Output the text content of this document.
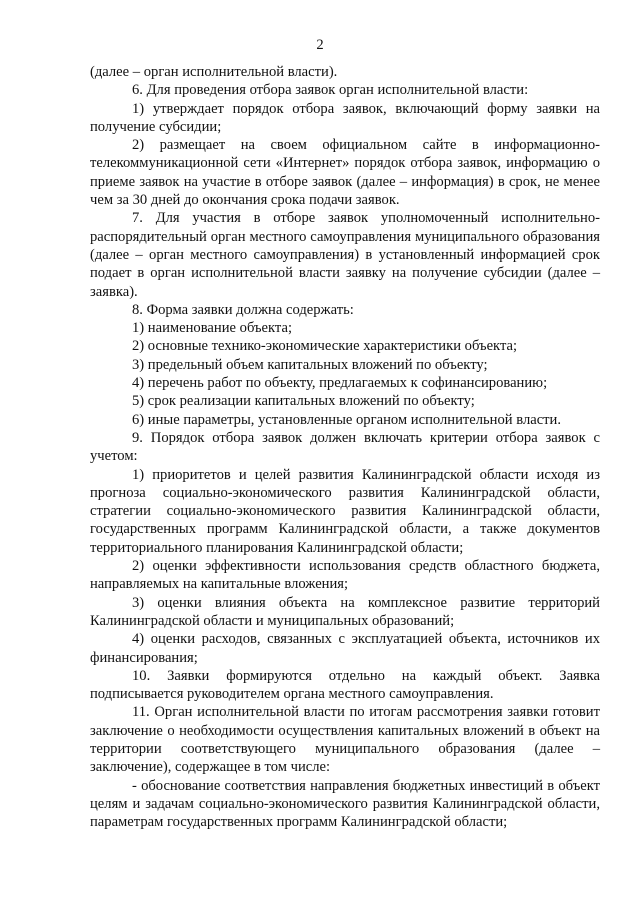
2

(далее – орган исполнительной власти).

6. Для проведения отбора заявок орган исполнительной власти:

1) утверждает порядок отбора заявок, включающий форму заявки на получение субсидии;

2) размещает на своем официальном сайте в информационно-телекоммуникационной сети «Интернет» порядок отбора заявок, информацию о приеме заявок на участие в отборе заявок (далее – информация) в срок, не менее чем за 30 дней до окончания срока подачи заявок.

7. Для участия в отборе заявок уполномоченный исполнительно-распорядительный орган местного самоуправления муниципального образования (далее – орган местного самоуправления) в установленный информацией срок подает в орган исполнительной власти заявку на получение субсидии (далее – заявка).

8. Форма заявки должна содержать:

1) наименование объекта;

2) основные технико-экономические характеристики объекта;

3) предельный объем капитальных вложений по объекту;

4) перечень работ по объекту, предлагаемых к софинансированию;

5) срок реализации капитальных вложений по объекту;

6) иные параметры, установленные органом исполнительной власти.

9. Порядок отбора заявок должен включать критерии отбора заявок с учетом:

1) приоритетов и целей развития Калининградской области исходя из прогноза социально-экономического развития Калининградской области, стратегии социально-экономического развития Калининградской области, государственных программ Калининградской области, а также документов территориального планирования Калининградской области;

2) оценки эффективности использования средств областного бюджета, направляемых на капитальные вложения;

3) оценки влияния объекта на комплексное развитие территорий Калининградской области и муниципальных образований;

4) оценки расходов, связанных с эксплуатацией объекта, источников их финансирования;

10. Заявки формируются отдельно на каждый объект. Заявка подписывается руководителем органа местного самоуправления.

11. Орган исполнительной власти по итогам рассмотрения заявки готовит заключение о необходимости осуществления капитальных вложений в объект на территории соответствующего муниципального образования (далее – заключение), содержащее в том числе:

- обоснование соответствия направления бюджетных инвестиций в объект целям и задачам социально-экономического развития Калининградской области, параметрам государственных программ Калининградской области;
